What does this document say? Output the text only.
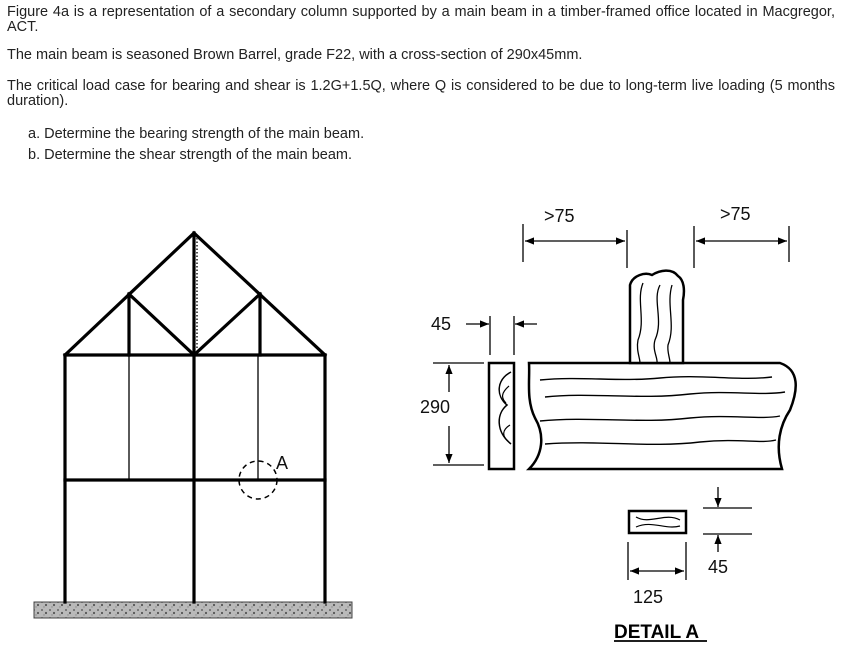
Figure 4a is a representation of a secondary column supported by a main beam in a timber-framed office located in Macgregor, ACT.

The main beam is seasoned Brown Barrel, grade F22, with a cross-section of 290x45mm.

The critical load case for bearing and shear is 1.2G+1.5Q, where Q is considered to be due to long-term live loading (5 months duration).

a. Determine the bearing strength of the main beam.
b. Determine the shear strength of the main beam.
A
>75	>75
45
290
45
125
DETAIL A
